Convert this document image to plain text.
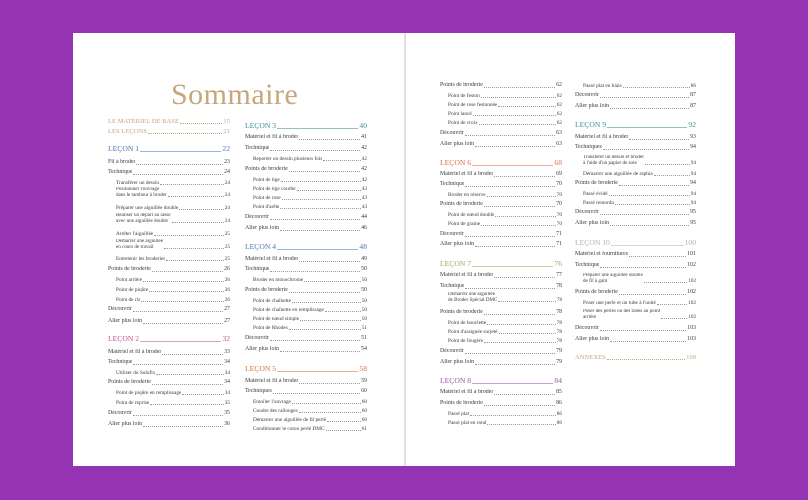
Sommaire
LE MATÉRIEL DE BASE	15
LES LEÇONS	21
LEÇON 1	22
Fil à broder	23
Technique	24
Transférer un dessin	24
Positionner l'ouvrage
dans le tambour à broder	24
Préparer une aiguillée double	24
Réaliser un départ au lasso
avec une aiguillée double	24
Arrêter l'aiguillée	25
Démarrer une aiguillée
en cours de travail	25
Entretenir les broderies	25
Points de broderie	26
Point arrière	26
Point de piqûre	26
Point de riz	26
Découvrir	27
Aller plus loin	27
LEÇON 2	32
Matériel et fil à broder	33
Technique	34
Utiliser du Solufix	34
Points de broderie	34
Point de piqûre en remplissage	34
Point de reprise	35
Découvrir	35
Aller plus loin	36
LEÇON 3	40
Matériel et fil à broder	41
Technique	42
Reporter un dessin plusieurs fois	42
Points de broderie	42
Point de tige	42
Point de tige courbe	43
Point de rose	43
Point d'arête	43
Découvrir	44
Aller plus loin	46
LEÇON 4	48
Matériel et fil à broder	49
Technique	50
Broder en monochrome	50
Points de broderie	50
Point de chaînette	50
Point de chaînette en remplissage	50
Point de nœud simple	50
Point de Rhodes	51
Découvrir	51
Aller plus loin	54
LEÇON 5	58
Matériel et fil à broder	59
Techniques	60
Entoiler l'ouvrage	60
Coudre des rallonges	60
Démarrer une aiguillée de fil perlé	60
Conditionner le coton perlé DMC	61
Points de broderie	62
Point de feston	62
Point de rose festonnée	62
Point lancé	62
Point de croix	62
Découvrir	63
Aller plus loin	63
LEÇON 6	68
Matériel et fil à broder	69
Technique	70
Broder en réserve	70
Points de broderie	70
Point de nœud double	70
Point de graine	70
Découvrir	71
Aller plus loin	71
LEÇON 7	76
Matériel et fil à broder	77
Technique	78
Démarrer une aiguillée
de Broder Spécial DMC	78
Points de broderie	78
Point de bouclette	78
Point d'araignée surjeté	78
Point de fougère	78
Découvrir	79
Aller plus loin	79
LEÇON 8	84
Matériel et fil à broder	85
Points de broderie	86
Passé plat	86
Passé plat en rond	86
Passé plat en biais	86
Découvrir	87
Aller plus loin	87
LEÇON 9	92
Matériel et fil à broder	93
Techniques	94
Transférer un dessin et broder
à l'aide d'un papier de soie	94
Démarrer une aiguillée de raphia	94
Points de broderie	94
Passé évidé	94
Passé remordu	94
Découvrir	95
Aller plus loin	95
LEÇON 10	100
Matériel et fournitures	101
Technique	102
Préparer une aiguillée double
de fil à gant	102
Points de broderie	102
Poser une perle et un tube à l'unité	102
Poser des perles ou des tubes au point
arrière	102
Découvrir	103
Aller plus loin	103
ANNEXES	109
